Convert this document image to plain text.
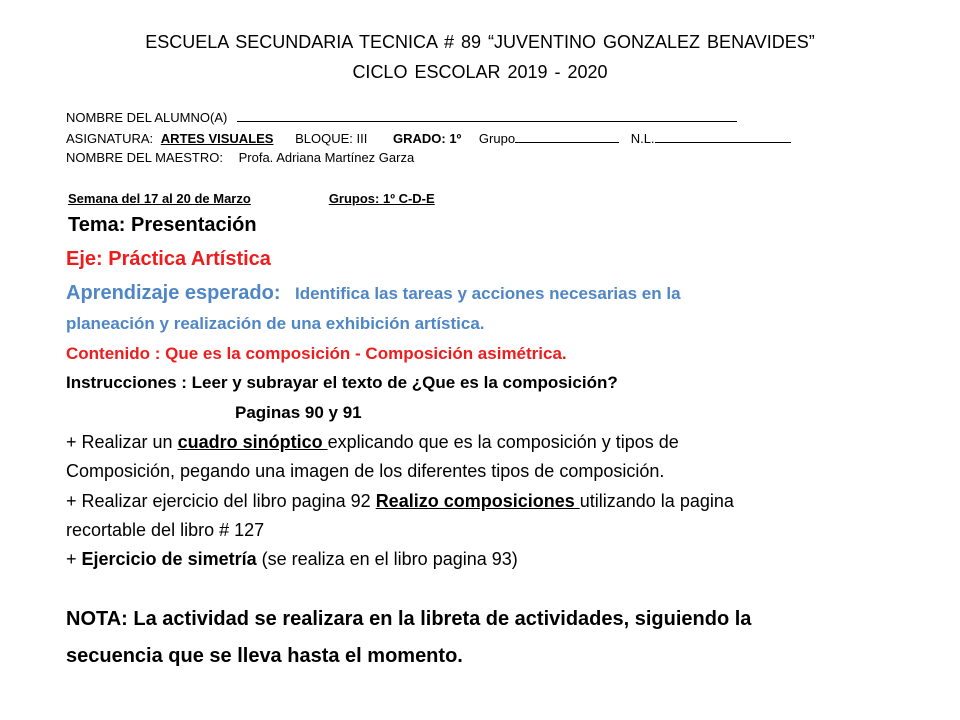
ESCUELA SECUNDARIA TECNICA # 89 “JUVENTINO GONZALEZ BENAVIDES”
CICLO ESCOLAR 2019 - 2020
NOMBRE DEL ALUMNO(A)
ASIGNATURA: ARTES VISUALES BLOQUE: III GRADO: 1º Grupo	N.L.
NOMBRE DEL MAESTRO: Profa. Adriana Martínez Garza
Semana del 17 al 20 de Marzo	Grupos: 1º C-D-E
Tema: Presentación
Eje: Práctica Artística
Aprendizaje esperado: Identifica las tareas y acciones necesarias en la
planeación y realización de una exhibición artística.
Contenido : Que es la composición - Composición asimétrica.
Instrucciones : Leer y subrayar el texto de ¿Que es la composición?
Paginas 90 y 91
+ Realizar un cuadro sinóptico explicando que es la composición y tipos de
Composición, pegando una imagen de los diferentes tipos de composición.
+ Realizar ejercicio del libro pagina 92 Realizo composiciones utilizando la pagina
recortable del libro # 127
+ Ejercicio de simetría (se realiza en el libro pagina 93)
NOTA: La actividad se realizara en la libreta de actividades, siguiendo la
secuencia que se lleva hasta el momento.
